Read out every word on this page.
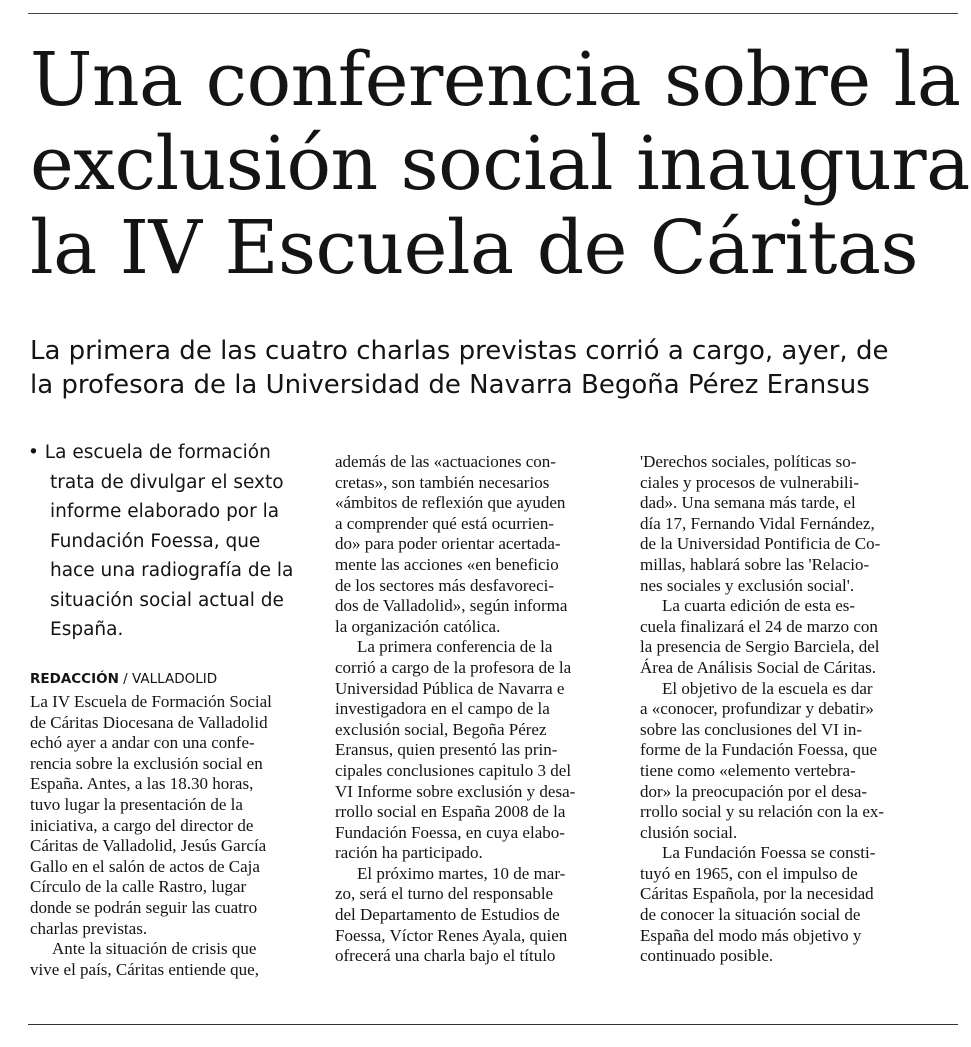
Una conferencia sobre la
exclusión social inaugura
la IV Escuela de Cáritas

La primera de las cuatro charlas previstas corrió a cargo, ayer, de
la profesora de la Universidad de Navarra Begoña Pérez Eransus

• La escuela de formación
trata de divulgar el sexto
informe elaborado por la
Fundación Foessa, que
hace una radiografía de la
situación social actual de
España.
REDACCIÓN / VALLADOLID
La IV Escuela de Formación Social
de Cáritas Diocesana de Valladolid
echó ayer a andar con una confe-
rencia sobre la exclusión social en
España. Antes, a las 18.30 horas,
tuvo lugar la presentación de la
iniciativa, a cargo del director de
Cáritas de Valladolid, Jesús García
Gallo en el salón de actos de Caja
Círculo de la calle Rastro, lugar
donde se podrán seguir las cuatro
charlas previstas.
Ante la situación de crisis que
vive el país, Cáritas entiende que,
además de las «actuaciones con-
cretas», son también necesarios
«ámbitos de reflexión que ayuden
a comprender qué está ocurrien-
do» para poder orientar acertada-
mente las acciones «en beneficio
de los sectores más desfavoreci-
dos de Valladolid», según informa
la organización católica.
La primera conferencia de la
corrió a cargo de la profesora de la
Universidad Pública de Navarra e
investigadora en el campo de la
exclusión social, Begoña Pérez
Eransus, quien presentó las prin-
cipales conclusiones capitulo 3 del
VI Informe sobre exclusión y desa-
rrollo social en España 2008 de la
Fundación Foessa, en cuya elabo-
ración ha participado.
El próximo martes, 10 de mar-
zo, será el turno del responsable
del Departamento de Estudios de
Foessa, Víctor Renes Ayala, quien
ofrecerá una charla bajo el título
'Derechos sociales, políticas so-
ciales y procesos de vulnerabili-
dad». Una semana más tarde, el
día 17, Fernando Vidal Fernández,
de la Universidad Pontificia de Co-
millas, hablará sobre las 'Relacio-
nes sociales y exclusión social'.
La cuarta edición de esta es-
cuela finalizará el 24 de marzo con
la presencia de Sergio Barciela, del
Área de Análisis Social de Cáritas.
El objetivo de la escuela es dar
a «conocer, profundizar y debatir»
sobre las conclusiones del VI in-
forme de la Fundación Foessa, que
tiene como «elemento vertebra-
dor» la preocupación por el desa-
rrollo social y su relación con la ex-
clusión social.
La Fundación Foessa se consti-
tuyó en 1965, con el impulso de
Cáritas Española, por la necesidad
de conocer la situación social de
España del modo más objetivo y
continuado posible.
